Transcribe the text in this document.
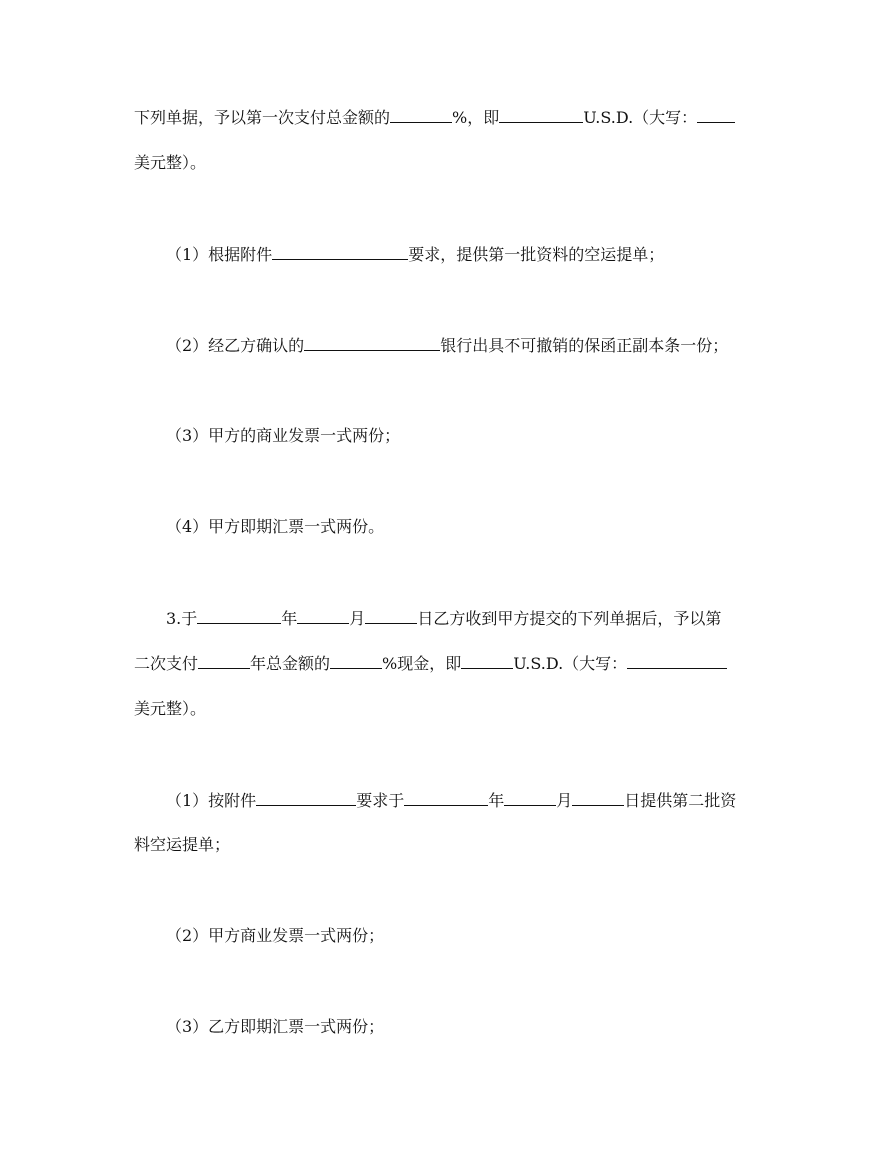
下列单据，予以第一次支付总金额的	%，即	U.S.D.（大写：
美元整）。
（1）根据附件	要求，提供第一批资料的空运提单；
（2）经乙方确认的	银行出具不可撤销的保函正副本条一份；
（3）甲方的商业发票一式两份；
（4）甲方即期汇票一式两份。
3.于	年	月	日乙方收到甲方提交的下列单据后，予以第
二次支付	年总金额的	%现金，即	U.S.D.（大写：
美元整）。
（1）按附件	要求于	年	月	日提供第二批资
料空运提单；
（2）甲方商业发票一式两份；
（3）乙方即期汇票一式两份；
